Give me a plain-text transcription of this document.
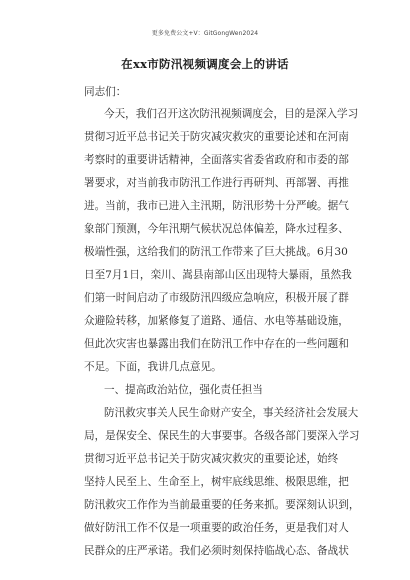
更多免费公文+V：GitGongWen2024
在xx市防汛视频调度会上的讲话
同志们：
今天，我们召开这次防汛视频调度会，目的是深入学习
贯彻习近平总书记关于防灾减灾救灾的重要论述和在河南
考察时的重要讲话精神，全面落实省委省政府和市委的部
署要求，对当前我市防汛工作进行再研判、再部署、再推
进。当前，我市已进入主汛期，防汛形势十分严峻。据气
象部门预测，今年汛期气候状况总体偏差，降水过程多、
极端性强，这给我们的防汛工作带来了巨大挑战。6月30
日至7月1日，栾川、嵩县南部山区出现特大暴雨，虽然我
们第一时间启动了市级防汛四级应急响应，积极开展了群
众避险转移，加紧修复了道路、通信、水电等基础设施，
但此次灾害也暴露出我们在防汛工作中存在的一些问题和
不足。下面，我讲几点意见。
一、提高政治站位，强化责任担当
防汛救灾事关人民生命财产安全，事关经济社会发展大
局，是保安全、保民生的大事要事。各级各部门要深入学习
贯彻习近平总书记关于防灾减灾救灾的重要论述，始终
坚持人民至上、生命至上，树牢底线思维、极限思维，把
防汛救灾工作作为当前最重要的任务来抓。要深刻认识到，
做好防汛工作不仅是一项重要的政治任务，更是我们对人
民群众的庄严承诺。我们必须时刻保持临战心态、备战状
